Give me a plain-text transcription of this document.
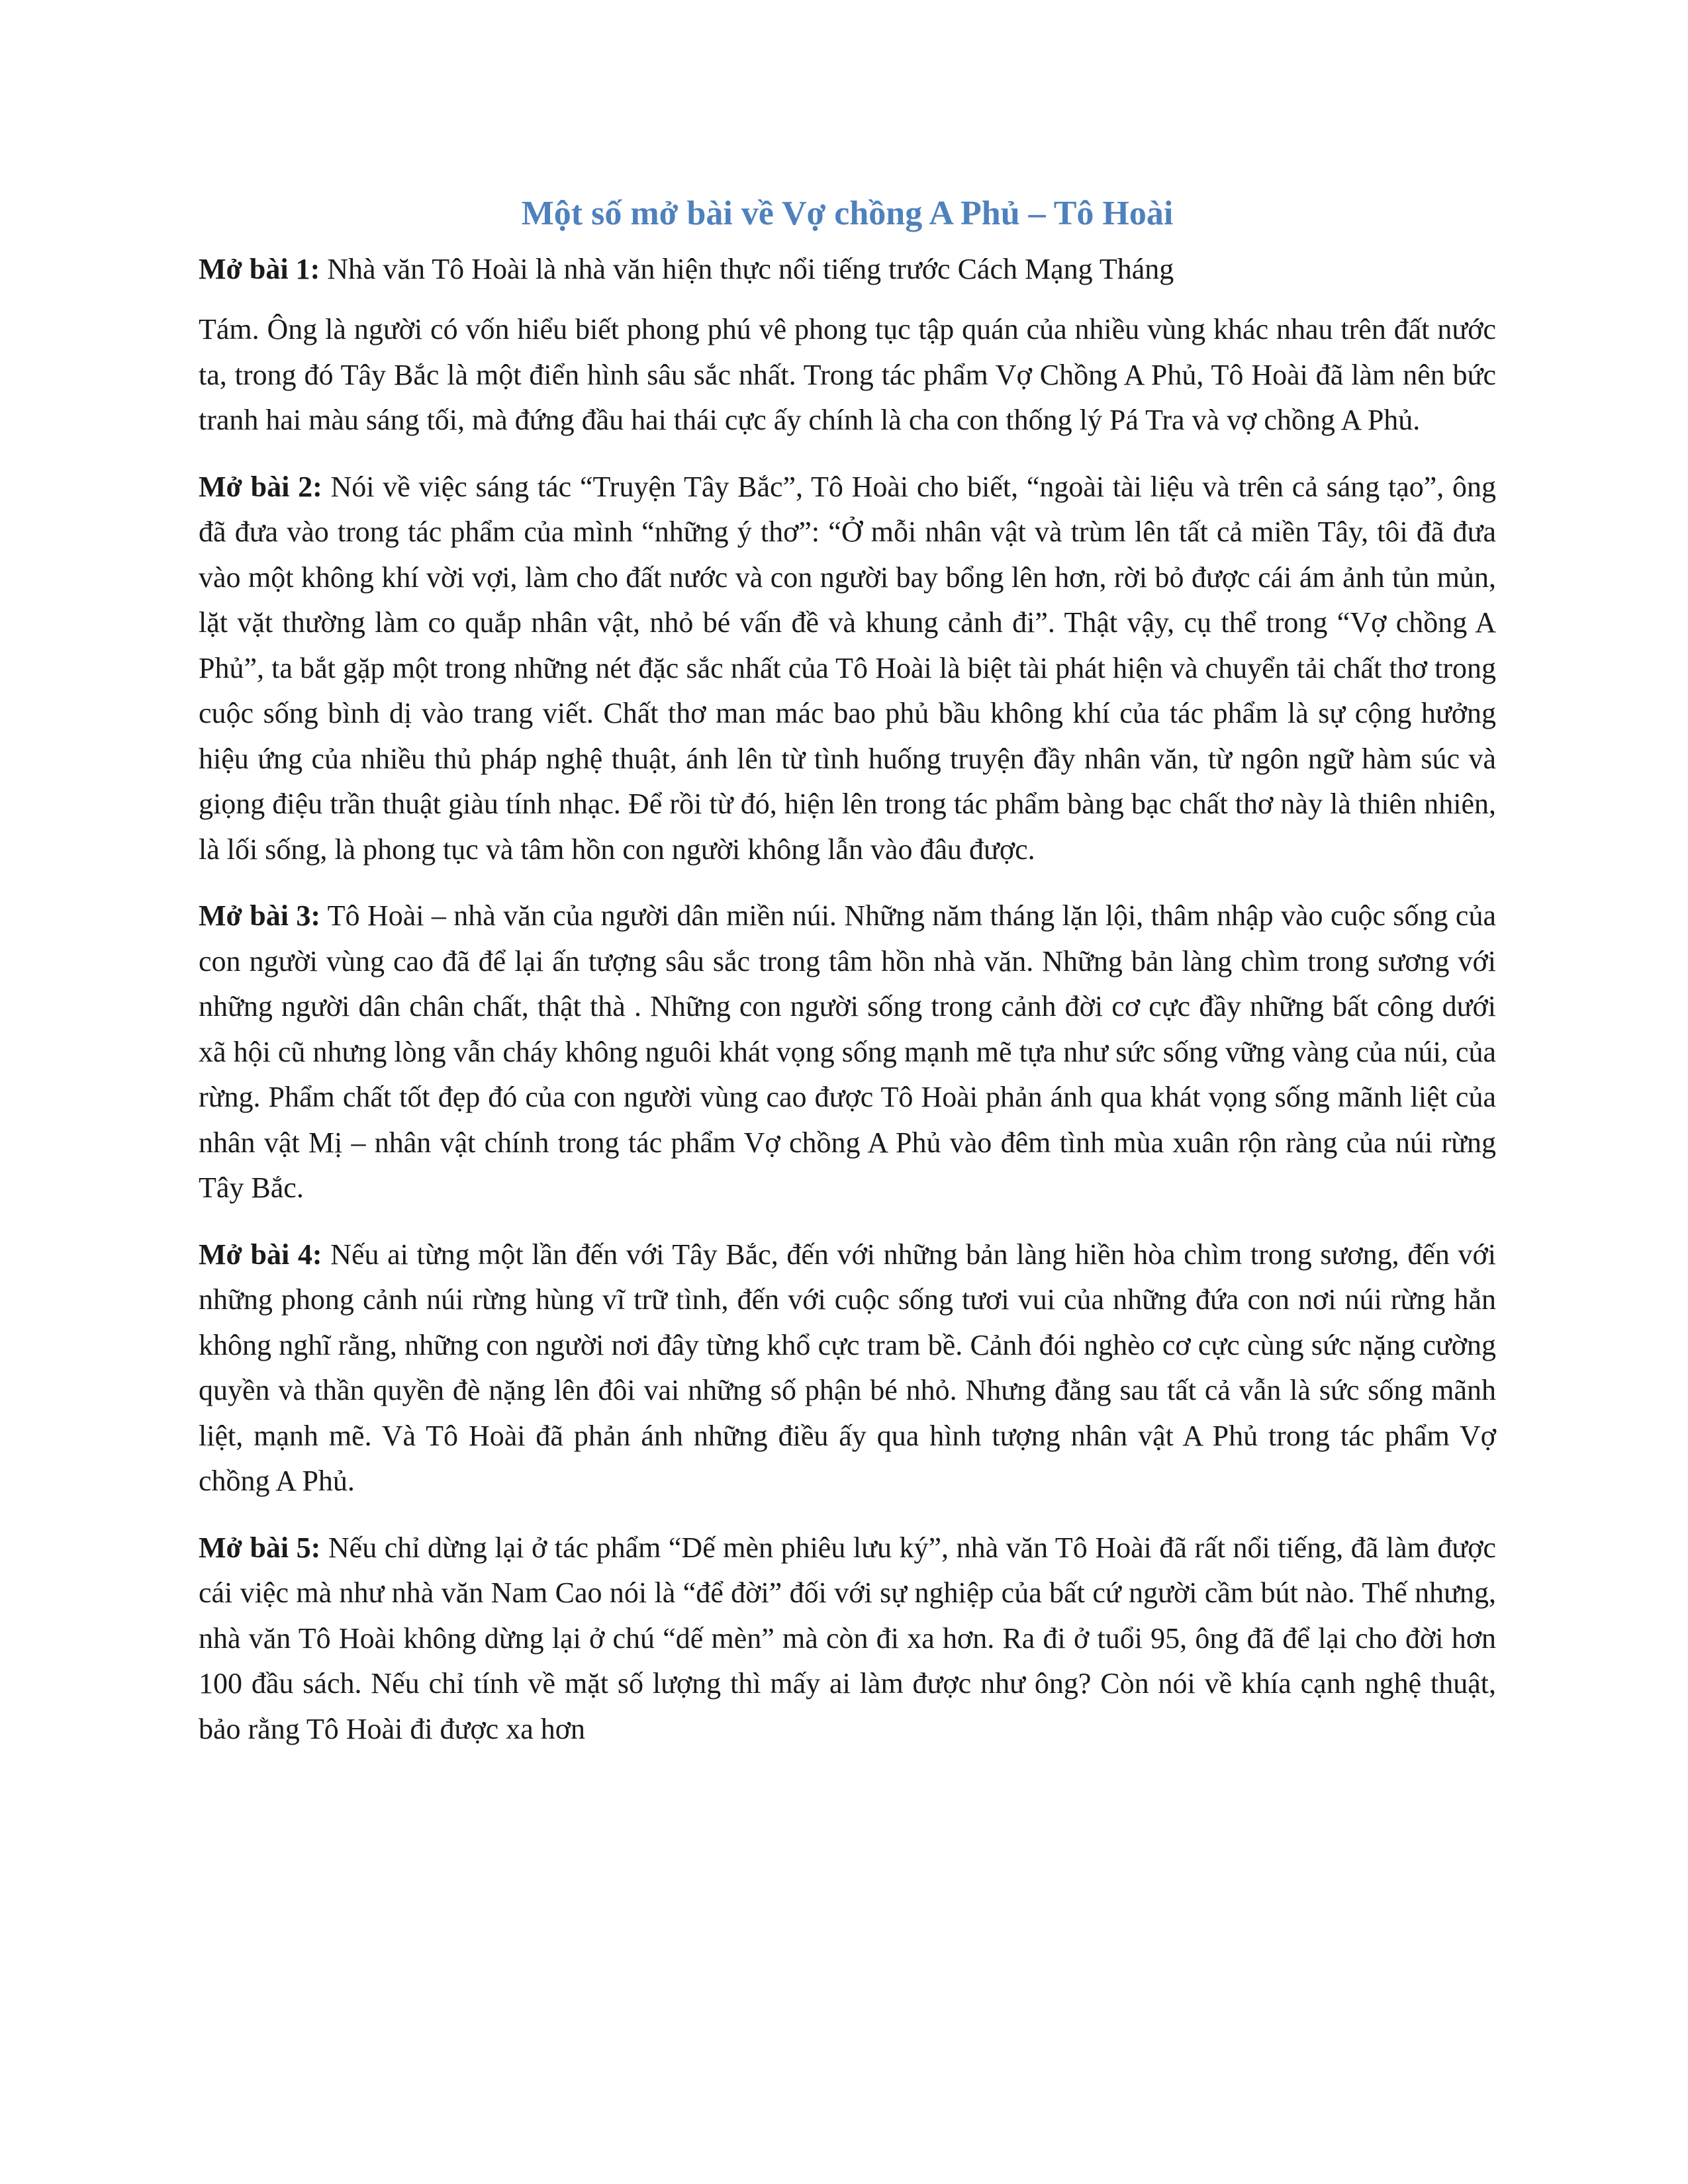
Một số mở bài về Vợ chồng A Phủ – Tô Hoài
Mở bài 1: Nhà văn Tô Hoài là nhà văn hiện thực nổi tiếng trước Cách Mạng Tháng

Tám. Ông là người có vốn hiểu biết phong phú vê phong tục tập quán của nhiều vùng khác nhau trên đất nước ta, trong đó Tây Bắc là một điển hình sâu sắc nhất. Trong tác phẩm Vợ Chồng A Phủ, Tô Hoài đã làm nên bức tranh hai màu sáng tối, mà đứng đầu hai thái cực ấy chính là cha con thống lý Pá Tra và vợ chồng A Phủ.

Mở bài 2: Nói về việc sáng tác “Truyện Tây Bắc”, Tô Hoài cho biết, “ngoài tài liệu và trên cả sáng tạo”, ông đã đưa vào trong tác phẩm của mình “những ý thơ”: “Ở mỗi nhân vật và trùm lên tất cả miền Tây, tôi đã đưa vào một không khí vời vợi, làm cho đất nước và con người bay bổng lên hơn, rời bỏ được cái ám ảnh tủn mủn, lặt vặt thường làm co quắp nhân vật, nhỏ bé vấn đề và khung cảnh đi”. Thật vậy, cụ thể trong “Vợ chồng A Phủ”, ta bắt gặp một trong những nét đặc sắc nhất của Tô Hoài là biệt tài phát hiện và chuyển tải chất thơ trong cuộc sống bình dị vào trang viết. Chất thơ man mác bao phủ bầu không khí của tác phẩm là sự cộng hưởng hiệu ứng của nhiều thủ pháp nghệ thuật, ánh lên từ tình huống truyện đầy nhân văn, từ ngôn ngữ hàm súc và giọng điệu trần thuật giàu tính nhạc. Để rồi từ đó, hiện lên trong tác phẩm bàng bạc chất thơ này là thiên nhiên, là lối sống, là phong tục và tâm hồn con người không lẫn vào đâu được.

Mở bài 3: Tô Hoài – nhà văn của người dân miền núi. Những năm tháng lặn lội, thâm nhập vào cuộc sống của con người vùng cao đã để lại ấn tượng sâu sắc trong tâm hồn nhà văn. Những bản làng chìm trong sương với những người dân chân chất, thật thà . Những con người sống trong cảnh đời cơ cực đầy những bất công dưới xã hội cũ nhưng lòng vẫn cháy không nguôi khát vọng sống mạnh mẽ tựa như sức sống vững vàng của núi, của rừng. Phẩm chất tốt đẹp đó của con người vùng cao được Tô Hoài phản ánh qua khát vọng sống mãnh liệt của nhân vật Mị – nhân vật chính trong tác phẩm Vợ chồng A Phủ vào đêm tình mùa xuân rộn ràng của núi rừng Tây Bắc.

Mở bài 4: Nếu ai từng một lần đến với Tây Bắc, đến với những bản làng hiền hòa chìm trong sương, đến với những phong cảnh núi rừng hùng vĩ trữ tình, đến với cuộc sống tươi vui của những đứa con nơi núi rừng hẳn không nghĩ rằng, những con người nơi đây từng khổ cực tram bề. Cảnh đói nghèo cơ cực cùng sức nặng cường quyền và thần quyền đè nặng lên đôi vai những số phận bé nhỏ. Nhưng đằng sau tất cả vẫn là sức sống mãnh liệt, mạnh mẽ. Và Tô Hoài đã phản ánh những điều ấy qua hình tượng nhân vật A Phủ trong tác phẩm Vợ chồng A Phủ.

Mở bài 5: Nếu chỉ dừng lại ở tác phẩm “Dế mèn phiêu lưu ký”, nhà văn Tô Hoài đã rất nổi tiếng, đã làm được cái việc mà như nhà văn Nam Cao nói là “để đời” đối với sự nghiệp của bất cứ người cầm bút nào. Thế nhưng, nhà văn Tô Hoài không dừng lại ở chú “dế mèn” mà còn đi xa hơn. Ra đi ở tuổi 95, ông đã để lại cho đời hơn 100 đầu sách. Nếu chỉ tính về mặt số lượng thì mấy ai làm được như ông? Còn nói về khía cạnh nghệ thuật, bảo rằng Tô Hoài đi được xa hơn
